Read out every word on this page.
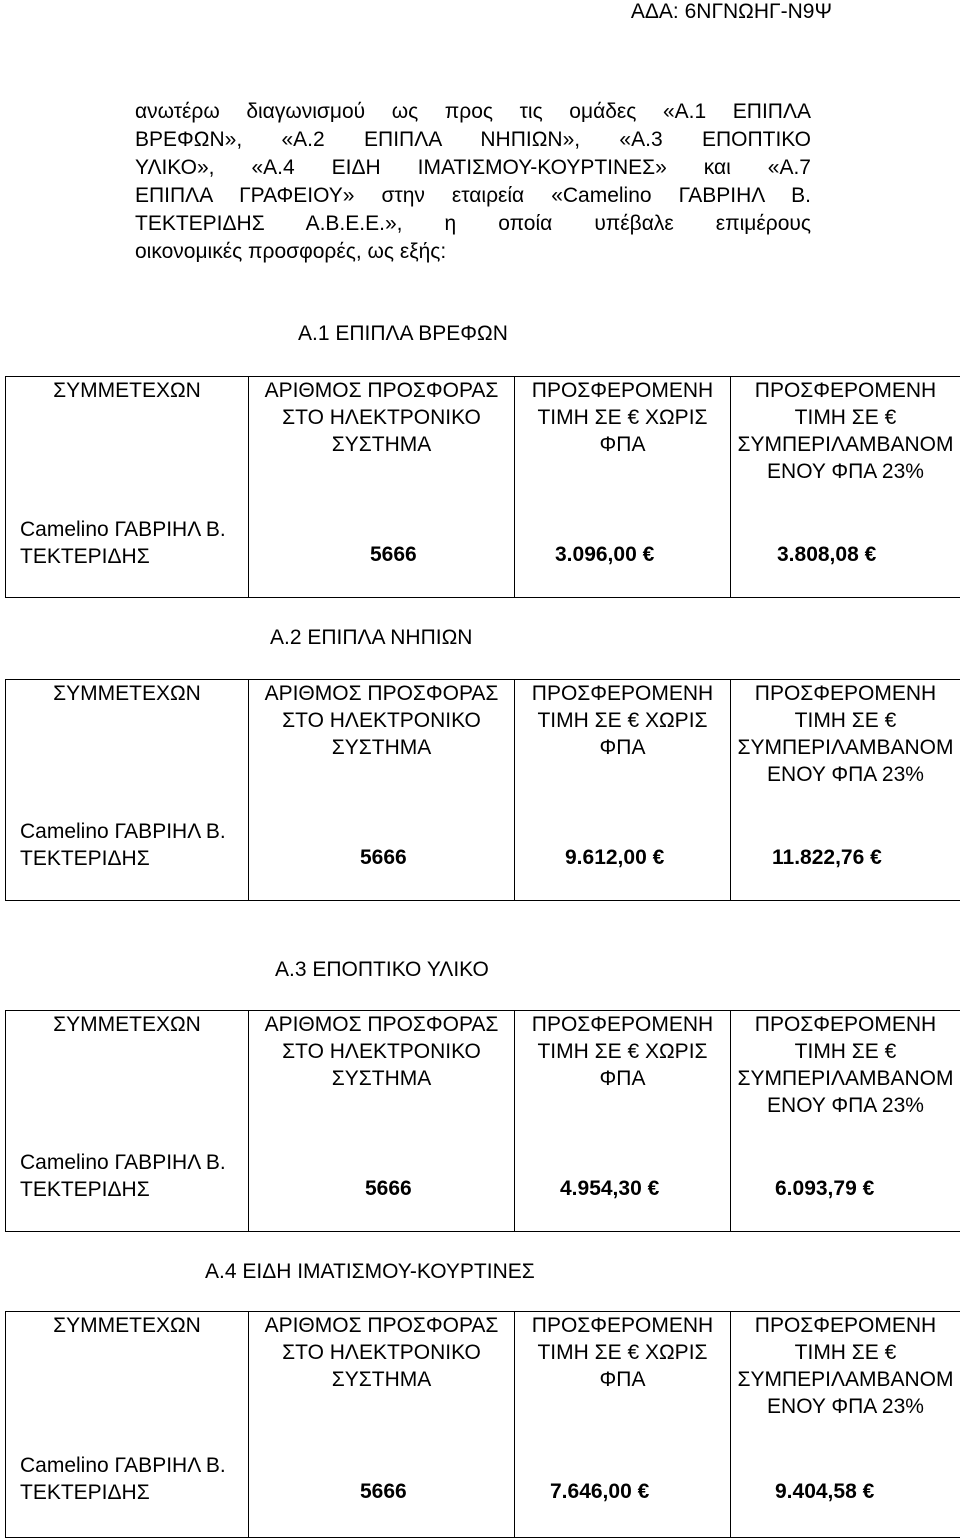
ΑΔΑ: 6ΝΓΝΩΗΓ-Ν9Ψ
ανωτέρω διαγωνισμού ως προς τις ομάδες «Α.1 ΕΠΙΠΛΑ
ΒΡΕΦΩΝ», «Α.2 ΕΠΙΠΛΑ ΝΗΠΙΩΝ», «Α.3 ΕΠΟΠΤΙΚΟ
ΥΛΙΚΟ», «Α.4 ΕΙΔΗ ΙΜΑΤΙΣΜΟΥ-ΚΟΥΡΤΙΝΕΣ» και «Α.7
ΕΠΙΠΛΑ ΓΡΑΦΕΙΟΥ» στην εταιρεία «Camelino ΓΑΒΡΙΗΛ Β.
ΤΕΚΤΕΡΙΔΗΣ Α.Β.Ε.Ε.», η οποία υπέβαλε επιμέρους
οικονομικές προσφορές, ως εξής:
Α.1 ΕΠΙΠΛΑ ΒΡΕΦΩΝ
ΣΥΜΜΕΤΕΧΩΝ	ΑΡΙΘΜΟΣ ΠΡΟΣΦΟΡΑΣ ΣΤΟ ΗΛΕΚΤΡΟΝΙΚΟ ΣΥΣΤΗΜΑ	ΠΡΟΣΦΕΡΟΜΕΝΗ ΤΙΜΗ ΣΕ € ΧΩΡΙΣ ΦΠΑ	ΠΡΟΣΦΕΡΟΜΕΝΗ ΤΙΜΗ ΣΕ € ΣΥΜΠΕΡΙΛΑΜΒΑΝΟΜΕΝΟΥ ΦΠΑ 23%
Camelino ΓΑΒΡΙΗΛ Β. ΤΕΚΤΕΡΙΔΗΣ	5666	3.096,00 €	3.808,08 €
Α.2 ΕΠΙΠΛΑ ΝΗΠΙΩΝ
ΣΥΜΜΕΤΕΧΩΝ	ΑΡΙΘΜΟΣ ΠΡΟΣΦΟΡΑΣ ΣΤΟ ΗΛΕΚΤΡΟΝΙΚΟ ΣΥΣΤΗΜΑ	ΠΡΟΣΦΕΡΟΜΕΝΗ ΤΙΜΗ ΣΕ € ΧΩΡΙΣ ΦΠΑ	ΠΡΟΣΦΕΡΟΜΕΝΗ ΤΙΜΗ ΣΕ € ΣΥΜΠΕΡΙΛΑΜΒΑΝΟΜΕΝΟΥ ΦΠΑ 23%
Camelino ΓΑΒΡΙΗΛ Β. ΤΕΚΤΕΡΙΔΗΣ	5666	9.612,00 €	11.822,76 €
Α.3 ΕΠΟΠΤΙΚΟ ΥΛΙΚΟ
ΣΥΜΜΕΤΕΧΩΝ	ΑΡΙΘΜΟΣ ΠΡΟΣΦΟΡΑΣ ΣΤΟ ΗΛΕΚΤΡΟΝΙΚΟ ΣΥΣΤΗΜΑ	ΠΡΟΣΦΕΡΟΜΕΝΗ ΤΙΜΗ ΣΕ € ΧΩΡΙΣ ΦΠΑ	ΠΡΟΣΦΕΡΟΜΕΝΗ ΤΙΜΗ ΣΕ € ΣΥΜΠΕΡΙΛΑΜΒΑΝΟΜΕΝΟΥ ΦΠΑ 23%
Camelino ΓΑΒΡΙΗΛ Β. ΤΕΚΤΕΡΙΔΗΣ	5666	4.954,30 €	6.093,79 €
Α.4 ΕΙΔΗ ΙΜΑΤΙΣΜΟΥ-ΚΟΥΡΤΙΝΕΣ
ΣΥΜΜΕΤΕΧΩΝ	ΑΡΙΘΜΟΣ ΠΡΟΣΦΟΡΑΣ ΣΤΟ ΗΛΕΚΤΡΟΝΙΚΟ ΣΥΣΤΗΜΑ	ΠΡΟΣΦΕΡΟΜΕΝΗ ΤΙΜΗ ΣΕ € ΧΩΡΙΣ ΦΠΑ	ΠΡΟΣΦΕΡΟΜΕΝΗ ΤΙΜΗ ΣΕ € ΣΥΜΠΕΡΙΛΑΜΒΑΝΟΜΕΝΟΥ ΦΠΑ 23%
Camelino ΓΑΒΡΙΗΛ Β. ΤΕΚΤΕΡΙΔΗΣ	5666	7.646,00 €	9.404,58 €
